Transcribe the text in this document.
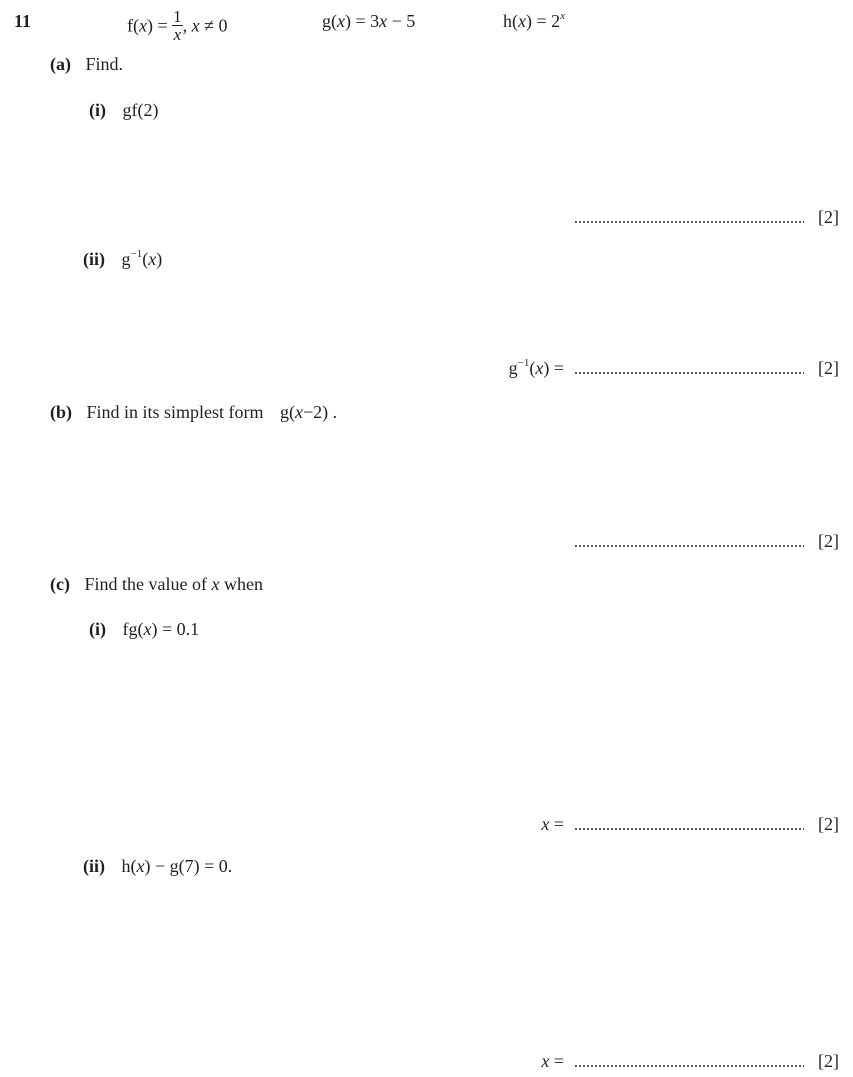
11	$f(x) = \frac{1}{x}$ , x ≠ 0	g(x) = 3x − 5	$h(x) = 2^x$
(a) Find.
(i) gf(2)
[2]
(ii) $g^{-1}(x)$
$g^{-1}(x)$ =	[2]
(b) Find in its simplest form g(x−2) .
[2]
(c) Find the value of x when
(i) fg(x) = 0.1
x =	[2]
(ii) h(x) − g(7) = 0.
x =	[2]
